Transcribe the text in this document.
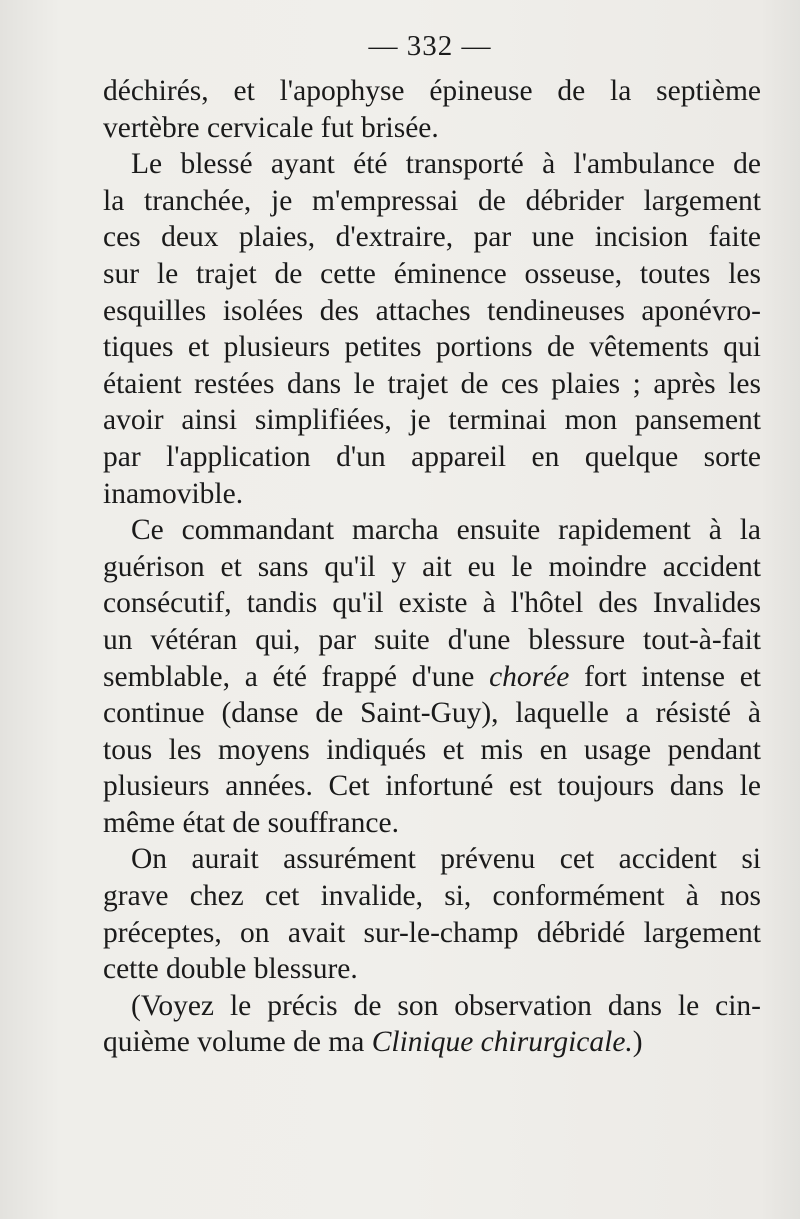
— 332 —
déchirés, et l'apophyse épineuse de la septième
vertèbre cervicale fut brisée.
Le blessé ayant été transporté à l'ambulance de
la tranchée, je m'empressai de débrider largement
ces deux plaies, d'extraire, par une incision faite
sur le trajet de cette éminence osseuse, toutes les
esquilles isolées des attaches tendineuses aponévro-
tiques et plusieurs petites portions de vêtements qui
étaient restées dans le trajet de ces plaies ; après les
avoir ainsi simplifiées, je terminai mon pansement
par l'application d'un appareil en quelque sorte
inamovible.
Ce commandant marcha ensuite rapidement à la
guérison et sans qu'il y ait eu le moindre accident
consécutif, tandis qu'il existe à l'hôtel des Invalides
un vétéran qui, par suite d'une blessure tout-à-fait
semblable, a été frappé d'une chorée fort intense et
continue (danse de Saint-Guy), laquelle a résisté à
tous les moyens indiqués et mis en usage pendant
plusieurs années. Cet infortuné est toujours dans le
même état de souffrance.
On aurait assurément prévenu cet accident si
grave chez cet invalide, si, conformément à nos
préceptes, on avait sur-le-champ débridé largement
cette double blessure.
(Voyez le précis de son observation dans le cin-
quième volume de ma Clinique chirurgicale.)
